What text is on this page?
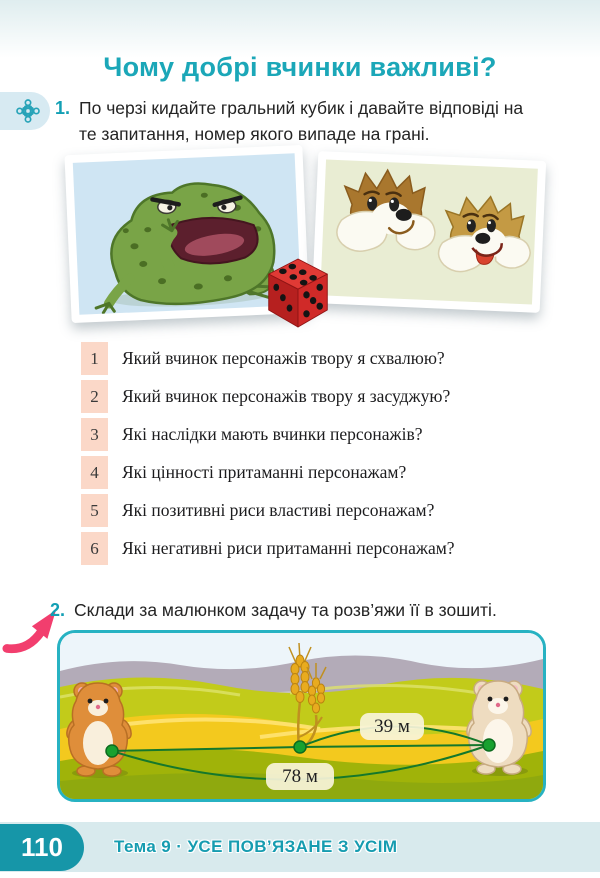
Чому добрі вчинки важливі?
1. По черзі кидайте гральний кубик і давайте відповіді на те запитання, номер якого випаде на грані.
1	Який вчинок персонажів твору я схвалюю?
2	Який вчинок персонажів твору я засуджую?
3	Які наслідки мають вчинки персонажів?
4	Які цінності притаманні персонажам?
5	Які позитивні риси властиві персонажам?
6	Які негативні риси притаманні персонажам?
2. Склади за малюнком задачу та розв’яжи її в зошиті.
39 м
78 м
110	Тема 9 · УСЕ ПОВ’ЯЗАНЕ З УСІМ
